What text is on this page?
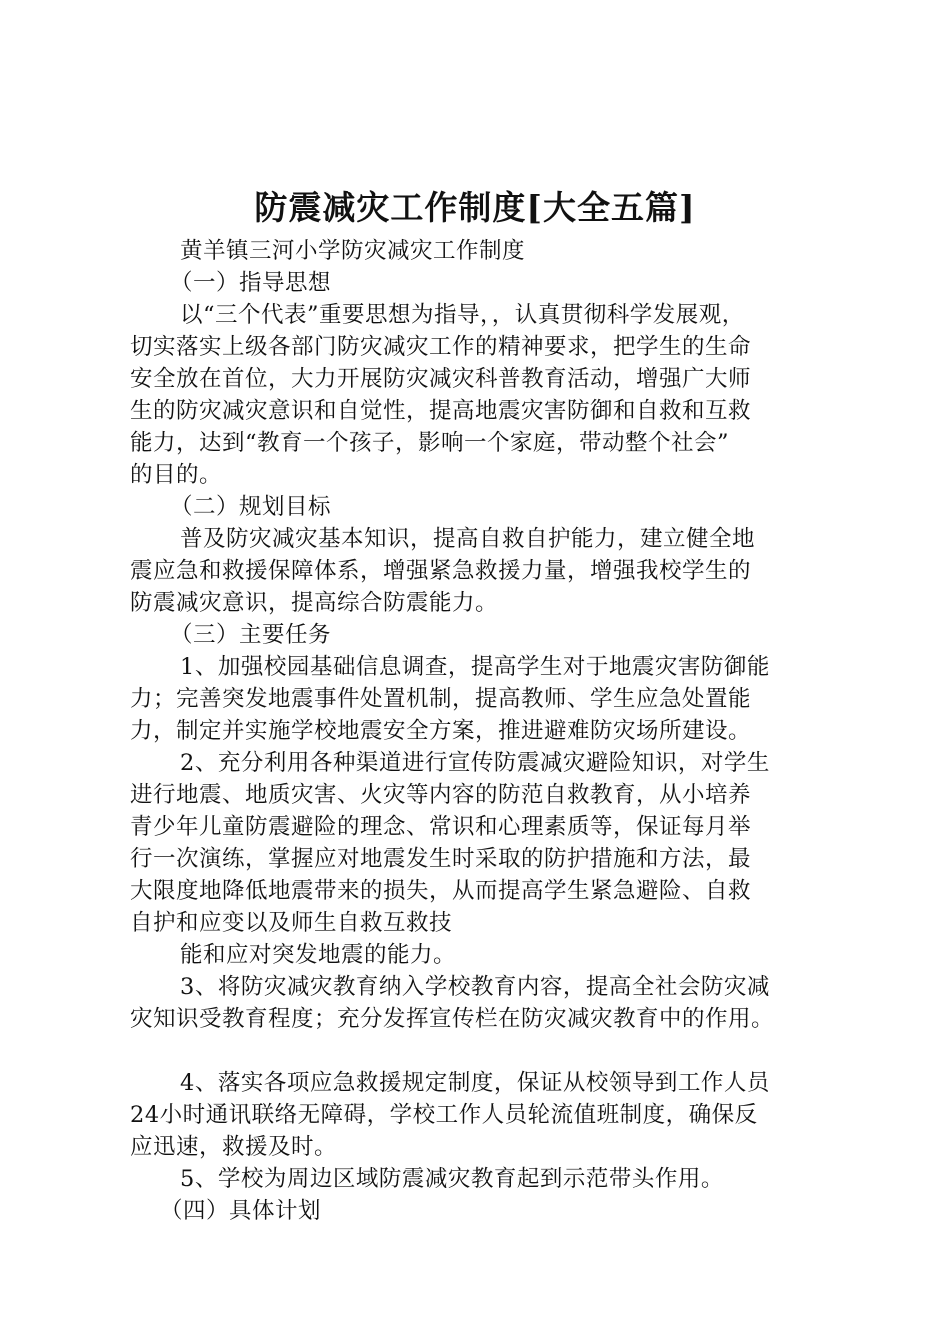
防震减灾工作制度[大全五篇]
黄羊镇三河小学防灾减灾工作制度
（一）指导思想
以“三个代表”重要思想为指导，，认真贯彻科学发展观，
切实落实上级各部门防灾减灾工作的精神要求，把学生的生命
安全放在首位，大力开展防灾减灾科普教育活动，增强广大师
生的防灾减灾意识和自觉性，提高地震灾害防御和自救和互救
能力，达到“教育一个孩子，影响一个家庭，带动整个社会”
的目的。
（二）规划目标
普及防灾减灾基本知识，提高自救自护能力，建立健全地
震应急和救援保障体系，增强紧急救援力量，增强我校学生的
防震减灾意识，提高综合防震能力。
（三）主要任务
1、加强校园基础信息调查，提高学生对于地震灾害防御能
力；完善突发地震事件处置机制，提高教师、学生应急处置能
力，制定并实施学校地震安全方案，推进避难防灾场所建设。
2、充分利用各种渠道进行宣传防震减灾避险知识，对学生
进行地震、地质灾害、火灾等内容的防范自救教育，从小培养
青少年儿童防震避险的理念、常识和心理素质等，保证每月举
行一次演练，掌握应对地震发生时采取的防护措施和方法，最
大限度地降低地震带来的损失，从而提高学生紧急避险、自救
自护和应变以及师生自救互救技
能和应对突发地震的能力。
3、将防灾减灾教育纳入学校教育内容，提高全社会防灾减
灾知识受教育程度；充分发挥宣传栏在防灾减灾教育中的作用。
4、落实各项应急救援规定制度，保证从校领导到工作人员
24小时通讯联络无障碍，学校工作人员轮流值班制度，确保反
应迅速，救援及时。
5、学校为周边区域防震减灾教育起到示范带头作用。
（四）具体计划
